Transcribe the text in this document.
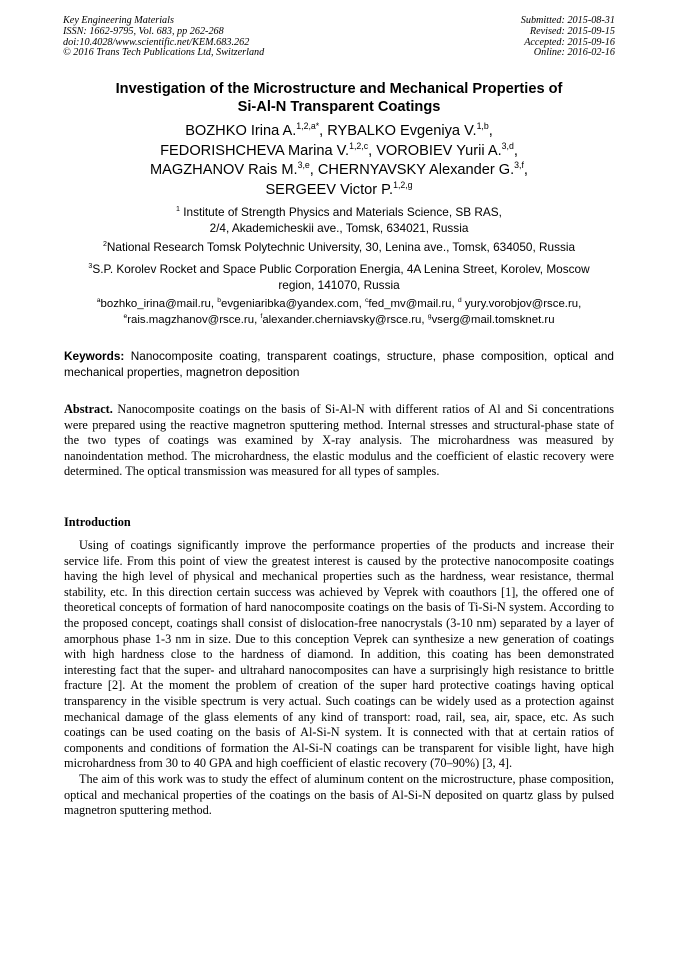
Key Engineering Materials
ISSN: 1662-9795, Vol. 683, pp 262-268
doi:10.4028/www.scientific.net/KEM.683.262
© 2016 Trans Tech Publications Ltd, Switzerland
Submitted: 2015-08-31
Revised: 2015-09-15
Accepted: 2015-09-16
Online: 2016-02-16
Investigation of the Microstructure and Mechanical Properties of
Si-Al-N Transparent Coatings
BOZHKO Irina A.$^{1,2,a*}$, RYBALKO Evgeniya V.$^{1,b}$,
FEDORISHCHEVA Marina V.$^{1,2,c}$, VOROBIEV Yurii A.$^{3,d}$,
MAGZHANOV Rais M.$^{3,e}$, CHERNYAVSKY Alexander G.$^{3,f}$,
SERGEEV Victor P.$^{1,2,g}$
$^1$ Institute of Strength Physics and Materials Science, SB RAS,
2/4, Akademicheskii ave., Tomsk, 634021, Russia
$^2$National Research Tomsk Polytechnic University, 30, Lenina ave., Tomsk, 634050, Russia
$^3$S.P. Korolev Rocket and Space Public Corporation Energia, 4A Lenina Street, Korolev, Moscow
region, 141070, Russia
$^a$bozhko_irina@mail.ru, $^b$evgeniaribka@yandex.com, $^c$fed_mv@mail.ru, $^d$ yury.vorobjov@rsce.ru,
$^e$rais.magzhanov@rsce.ru, $^f$alexander.cherniavsky@rsce.ru, $^g$vserg@mail.tomsknet.ru
Keywords: Nanocomposite coating, transparent coatings, structure, phase composition, optical and mechanical properties, magnetron deposition
Abstract. Nanocomposite coatings on the basis of Si-Al-N with different ratios of Al and Si concentrations were prepared using the reactive magnetron sputtering method. Internal stresses and structural-phase state of the two types of coatings was examined by X-ray analysis. The microhardness was measured by nanoindentation method. The microhardness, the elastic modulus and the coefficient of elastic recovery were determined. The optical transmission was measured for all types of samples.
Introduction

Using of coatings significantly improve the performance properties of the products and increase their service life. From this point of view the greatest interest is caused by the protective nanocomposite coatings having the high level of physical and mechanical properties such as the hardness, wear resistance, thermal stability, etc. In this direction certain success was achieved by Veprek with coauthors [1], the offered one of theoretical concepts of formation of hard nanocomposite coatings on the basis of Ti-Si-N system. According to the proposed concept, coatings shall consist of dislocation-free nanocrystals (3-10 nm) separated by a layer of amorphous phase 1-3 nm in size. Due to this conception Veprek can synthesize a new generation of coatings with high hardness close to the hardness of diamond. In addition, this coating has been demonstrated interesting fact that the super- and ultrahard nanocomposites can have a surprisingly high resistance to brittle fracture [2]. At the moment the problem of creation of the super hard protective coatings having optical transparency in the visible spectrum is very actual. Such coatings can be widely used as a protection against mechanical damage of the glass elements of any kind of transport: road, rail, sea, air, space, etc. As such coatings can be used coating on the basis of Al-Si-N system. It is connected with that at certain ratios of components and conditions of formation the Al-Si-N coatings can be transparent for visible light, have high microhardness from 30 to 40 GPA and high coefficient of elastic recovery (70–90%) [3, 4].

The aim of this work was to study the effect of aluminum content on the microstructure, phase composition, optical and mechanical properties of the coatings on the basis of Al-Si-N deposited on quartz glass by pulsed magnetron sputtering method.
